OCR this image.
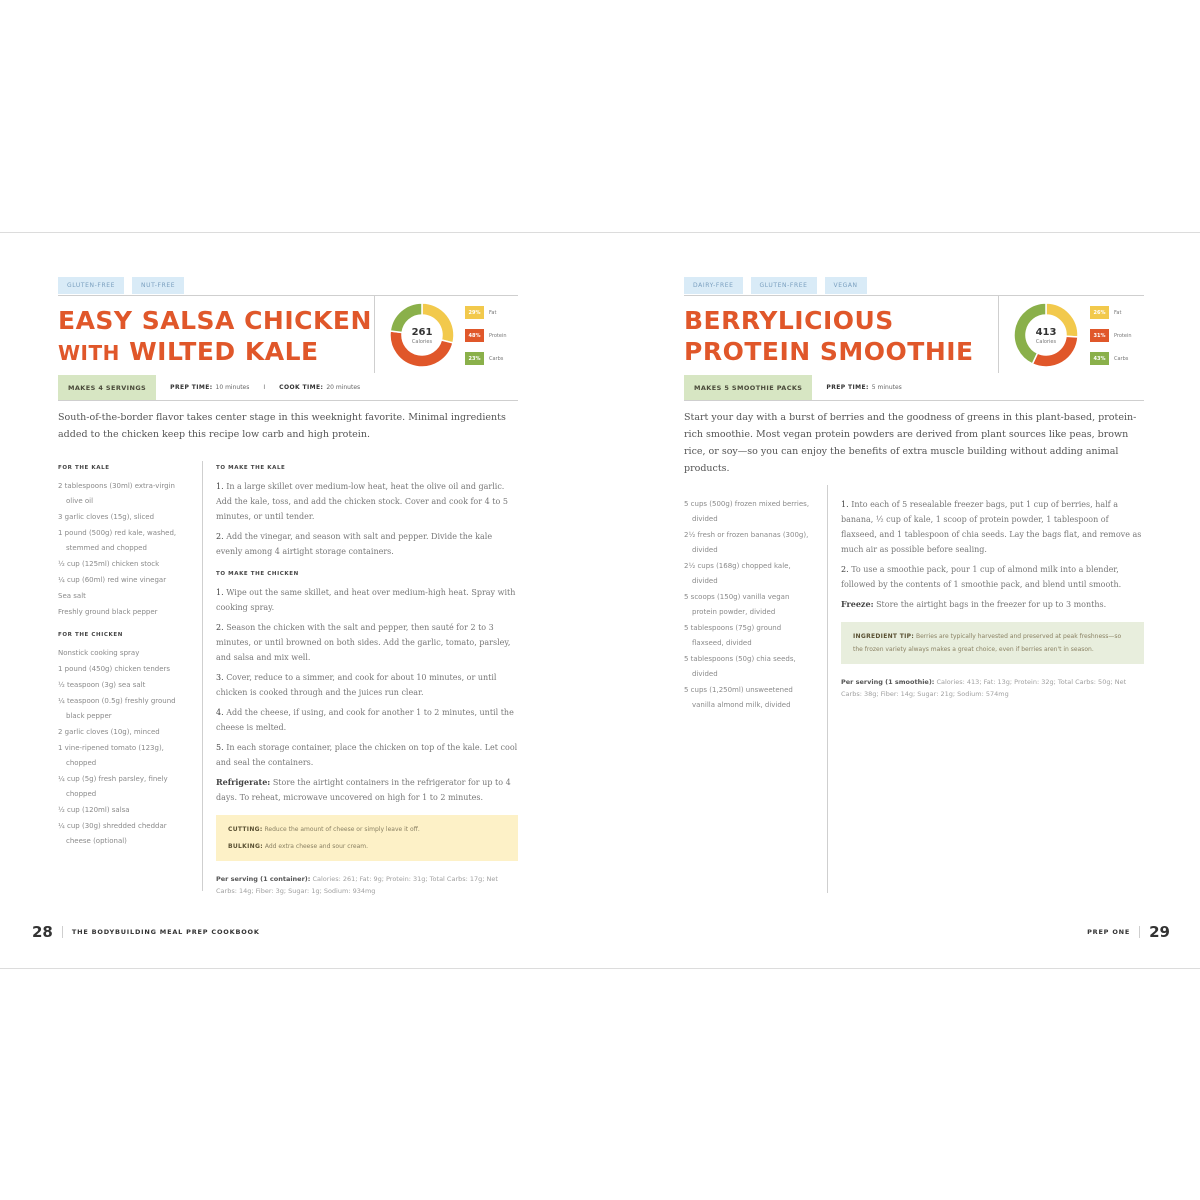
GLUTEN-FREE	NUT-FREE
EASY SALSA CHICKEN
WITH WILTED KALE
261
Calories
29%	Fat
48%	Protein
23%	Carbs
MAKES 4 SERVINGS	PREP TIME: 10 minutes I COOK TIME: 20 minutes

South-of-the-border flavor takes center stage in this weeknight favorite. Minimal ingredients added to the chicken keep this recipe low carb and high protein.

FOR THE KALE
2 tablespoons (30ml) extra-virgin olive oil
3 garlic cloves (15g), sliced
1 pound (500g) red kale, washed, stemmed and chopped
½ cup (125ml) chicken stock
¼ cup (60ml) red wine vinegar
Sea salt
Freshly ground black pepper
FOR THE CHICKEN
Nonstick cooking spray
1 pound (450g) chicken tenders
½ teaspoon (3g) sea salt
¼ teaspoon (0.5g) freshly ground black pepper
2 garlic cloves (10g), minced
1 vine-ripened tomato (123g), chopped
¼ cup (5g) fresh parsley, finely chopped
½ cup (120ml) salsa
¼ cup (30g) shredded cheddar cheese (optional)
TO MAKE THE KALE

1. In a large skillet over medium-low heat, heat the olive oil and garlic. Add the kale, toss, and add the chicken stock. Cover and cook for 4 to 5 minutes, or until tender.

2. Add the vinegar, and season with salt and pepper. Divide the kale evenly among 4 airtight storage containers.

TO MAKE THE CHICKEN

1. Wipe out the same skillet, and heat over medium-high heat. Spray with cooking spray.

2. Season the chicken with the salt and pepper, then sauté for 2 to 3 minutes, or until browned on both sides. Add the garlic, tomato, parsley, and salsa and mix well.

3. Cover, reduce to a simmer, and cook for about 10 minutes, or until chicken is cooked through and the juices run clear.

4. Add the cheese, if using, and cook for another 1 to 2 minutes, until the cheese is melted.

5. In each storage container, place the chicken on top of the kale. Let cool and seal the containers.

Refrigerate: Store the airtight containers in the refrigerator for up to 4 days. To reheat, microwave uncovered on high for 1 to 2 minutes.

CUTTING: Reduce the amount of cheese or simply leave it off.
BULKING: Add extra cheese and sour cream.

Per serving (1 container): Calories: 261; Fat: 9g; Protein: 31g; Total Carbs: 17g; Net Carbs: 14g; Fiber: 3g; Sugar: 1g; Sodium: 934mg

28	THE BODYBUILDING MEAL PREP COOKBOOK
DAIRY-FREE	GLUTEN-FREE	VEGAN
BERRYLICIOUS
PROTEIN SMOOTHIE
413
Calories
26%	Fat
31%	Protein
43%	Carbs
MAKES 5 SMOOTHIE PACKS	PREP TIME: 5 minutes

Start your day with a burst of berries and the goodness of greens in this plant-based, protein-rich smoothie. Most vegan protein powders are derived from plant sources like peas, brown rice, or soy—so you can enjoy the benefits of extra muscle building without adding animal products.

5 cups (500g) frozen mixed berries, divided
2½ fresh or frozen bananas (300g), divided
2½ cups (168g) chopped kale, divided
5 scoops (150g) vanilla vegan protein powder, divided
5 tablespoons (75g) ground flaxseed, divided
5 tablespoons (50g) chia seeds, divided
5 cups (1,250ml) unsweetened vanilla almond milk, divided

1. Into each of 5 resealable freezer bags, put 1 cup of berries, half a banana, ½ cup of kale, 1 scoop of protein powder, 1 tablespoon of flaxseed, and 1 tablespoon of chia seeds. Lay the bags flat, and remove as much air as possible before sealing.

2. To use a smoothie pack, pour 1 cup of almond milk into a blender, followed by the contents of 1 smoothie pack, and blend until smooth.

Freeze: Store the airtight bags in the freezer for up to 3 months.

INGREDIENT TIP: Berries are typically harvested and preserved at peak freshness—so the frozen variety always makes a great choice, even if berries aren't in season.

Per serving (1 smoothie): Calories: 413; Fat: 13g; Protein: 32g; Total Carbs: 50g; Net Carbs: 38g; Fiber: 14g; Sugar: 21g; Sodium: 574mg

PREP ONE 29
